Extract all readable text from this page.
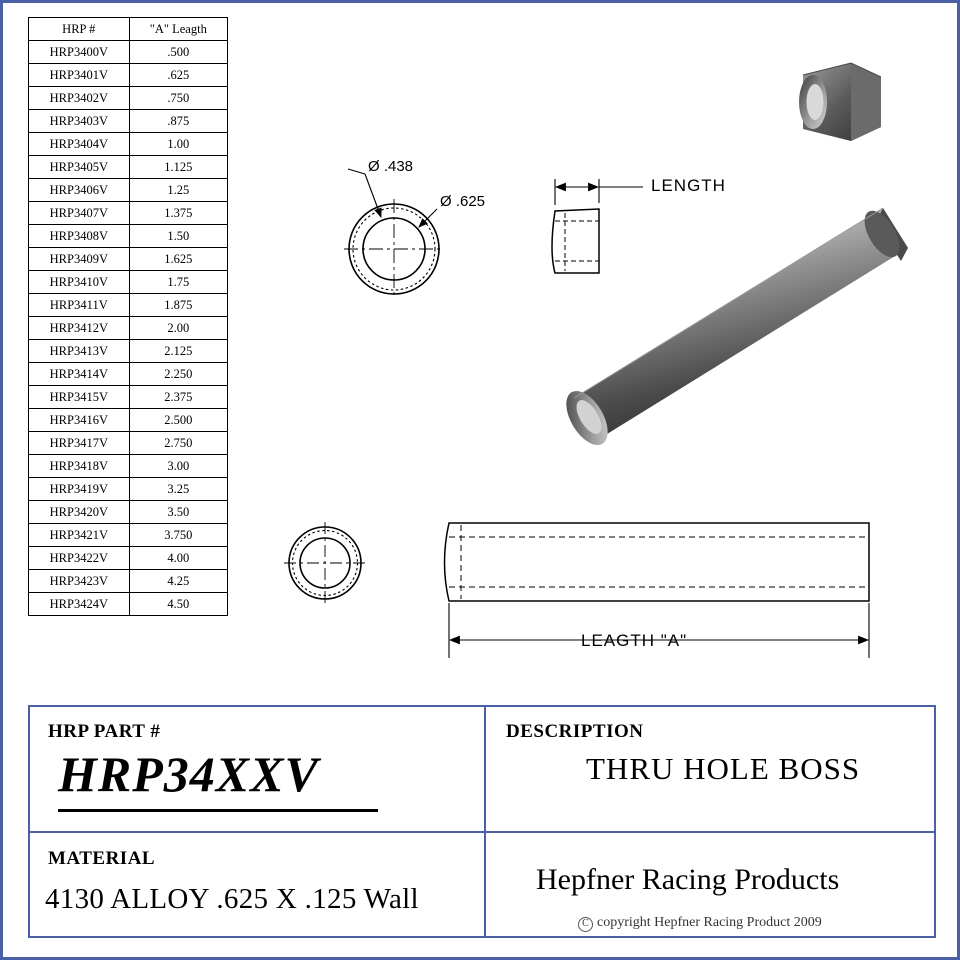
HRP #	"A" Leagth
HRP3400V	.500
HRP3401V	.625
HRP3402V	.750
HRP3403V	.875
HRP3404V	1.00
HRP3405V	1.125
HRP3406V	1.25
HRP3407V	1.375
HRP3408V	1.50
HRP3409V	1.625
HRP3410V	1.75
HRP3411V	1.875
HRP3412V	2.00
HRP3413V	2.125
HRP3414V	2.250
HRP3415V	2.375
HRP3416V	2.500
HRP3417V	2.750
HRP3418V	3.00
HRP3419V	3.25
HRP3420V	3.50
HRP3421V	3.750
HRP3422V	4.00
HRP3423V	4.25
HRP3424V	4.50
Ø .438
Ø .625
LENGTH
LEAGTH "A"
HRP PART #
HRP34XXV
DESCRIPTION
THRU HOLE BOSS
MATERIAL
4130 ALLOY .625 X .125 Wall
Hepfner Racing Products
C copyright Hepfner Racing Product 2009
